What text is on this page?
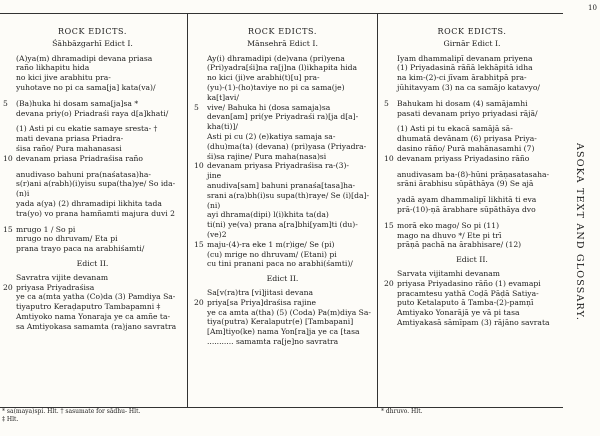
10
ASOKA TEXT AND GLOSSARY.
ROCK EDICTS.
Śāhbāzgarhī Edict I.
(A)ya(m) dhramadipi devana priasa
raño likhapitu hida
no kici jive arabhitu pra-
yuhotave no pi ca sama[ja] kata(va)/
5 (Ba)huka hi dosam sama[ja]sa *
devana priy(o) Priadraśi raya d[a]khati/
(1) Asti pi cu ekatie samaye sresta- †
mati devana priasa Priadra-
śisa raño/ Pura mahanasasi
10 devanam priasa Priadraśisa raño
anudivaso bahuni pra(naśatasa)ha-
s(r)ani a(rabh)(i)yisu supa(tha)ye/ So ida-
(n)i
yada a(ya) (2) dhramadipi likhita tada
tra(yo) vo prana hamñamti majura duvi 2
15 mrugo 1 / So pi
mrugo no dhruvam/ Eta pi
prana trayo paca na arabhiśamti/
Edict II.
Savratra vijite devanam
20 priyasa Priyadraśisa
ye ca a(mta yatha (Co)da (3) Pamdiya Sa-
tiyaputro Keraḍaputro Tambapamni ‡
Amtiyoko nama Yonaraja ye ca amñe ta-
sa Amtiyokasa samamta (ra)jano savratra
ROCK EDICTS.
Mānsehrā Edict I.
Ay(i) dhramadipi (de)vana (pri)yena
(Pri)yadra[śi]na ra[j]na (l)ikhapita hida
no kici (ji)ve arabhi(t)[u] pra-
(yu)-(1)-(ho)taviye no pi ca sama(je)
ka[t]avi/
5 vive/ Bahuka hi (dosa samaja)sa
devan[am] pri(ye Priyadraśi ra)[ja d[a]-
kha(ti)]/
Asti pi cu (2) (e)katiya samaja sa-
(dhu)ma(ta) (devana) (pri)yasa (Priyadra-
śi)sa rajine/ Pura maha(nasa)si
10 devanam priyasa Priyadraśisa ra-(3)-
jine
anudiva[sam] bahuni pranaśa[tasa]ha-
srani a(ra)bh(i)su supa(th)raye/ Se (i)[da]-
(ni)
ayi dhrama(dipi) l(i)khita ta(da)
ti(ni) ye(va) prana a[ra]bhi[yam]ti (du)-
(ve)2
15 maju-(4)-ra eke 1 m(r)ige/ Se (pi)
(cu) mrige no dhruvam/ (Etani) pi
cu tini pranani paca no arabhi(śamti)/
Edict II.
Sa[v(ra)tra [vi]jitasi devana
20 priya[sa Priya]draśisa rajine
ye ca amta a(tha) (5) (Coda) Pa(m)diya Sa-
tiya(putra) Keralaputr(e) [Tambapani]
[Am]tiyo(ke) nama Yon[ra]ja ye ca [tasa
........... samamta ra[je]no savratra
ROCK EDICTS.
Girnār Edict I.
Iyam dhammalipī devanam priyena
(1) Priyadasinā rāñā lekhāpitā idha
na kim-(2)-ci jīvam ārabhitpā pra-
jūhitavyam (3) na ca samājo katavyo/
5 Bahukam hi dosam (4) samājamhi
pasati devanam priyo priyadasi rājā/
(1) Asti pi tu ekacā samājā sā-
dhumatā devānam (6) priyasa Priya-
dasino rāño/ Purā mahānasamhi (7)
10 devanam priyass Priyadasino rāño
anudivasam ba-(8)-hūni prāṇasatasaha-
srāni ārabhisu sūpāthāya (9) Se ajā
yadā ayam dhammalipī likhitā ti eva
prā-(10)-ṇā ārabhare sūpāthāya dvo
15 morā eko mago/ So pi (11)
mago na dhuvo */ Ete pi trī
prāṇā pachā na ārabhisare/ (12)
Edict II.
Sarvata vijitamhi devanam
20 priyasa Priyadasino rāño (1) evamapi
pracamtesu yathā Coḍā Pāḍā Satiya-
puto Ketalaputo ā Tamba-(2)-pamṇī
Amtiyako Yonarājā ye vā pi tasa
Amtiyakasā sāmīpam (3) rājāno savrata
* sa(maya)spi. Hlt. † sasumate for sādhu- Hlt.
‡ Hlt.
* dhruvo. Hlt.
